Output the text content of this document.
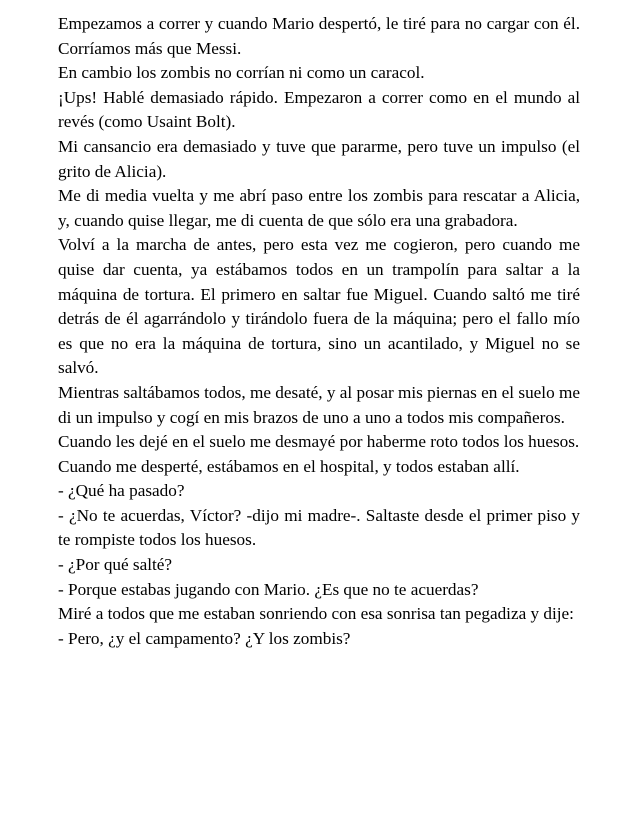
Empezamos a correr y cuando Mario despertó, le tiré para no cargar con él. Corríamos más que Messi.

En cambio los zombis no corrían ni como un caracol.

¡Ups! Hablé demasiado rápido. Empezaron a correr como en el mundo al revés (como Usaint Bolt).

Mi cansancio era demasiado y tuve que pararme, pero tuve un impulso (el grito de Alicia).

Me di media vuelta y me abrí paso entre los zombis para rescatar a Alicia, y, cuando quise llegar, me di cuenta de que sólo era una grabadora.

Volví a la marcha de antes, pero esta vez me cogieron, pero cuando me quise dar cuenta, ya estábamos todos en un trampolín para saltar a la máquina de tortura. El primero en saltar fue Miguel. Cuando saltó me tiré detrás de él agarrándolo y tirándolo fuera de la máquina; pero el fallo mío es que no era la máquina de tortura, sino un acantilado, y Miguel no se salvó.

Mientras saltábamos todos, me desaté, y al posar mis piernas en el suelo me di un impulso y cogí en mis brazos de uno a uno a todos mis compañeros.

Cuando les dejé en el suelo me desmayé por haberme roto todos los huesos.

Cuando me desperté, estábamos en el hospital, y todos estaban allí.

- ¿Qué ha pasado?

- ¿No te acuerdas, Víctor? -dijo mi madre-. Saltaste desde el primer piso y te rompiste todos los huesos.

- ¿Por qué salté?

- Porque estabas jugando con Mario. ¿Es que no te acuerdas?

Miré a todos que me estaban sonriendo con esa sonrisa tan pegadiza y dije:

- Pero, ¿y el campamento? ¿Y los zombis?
